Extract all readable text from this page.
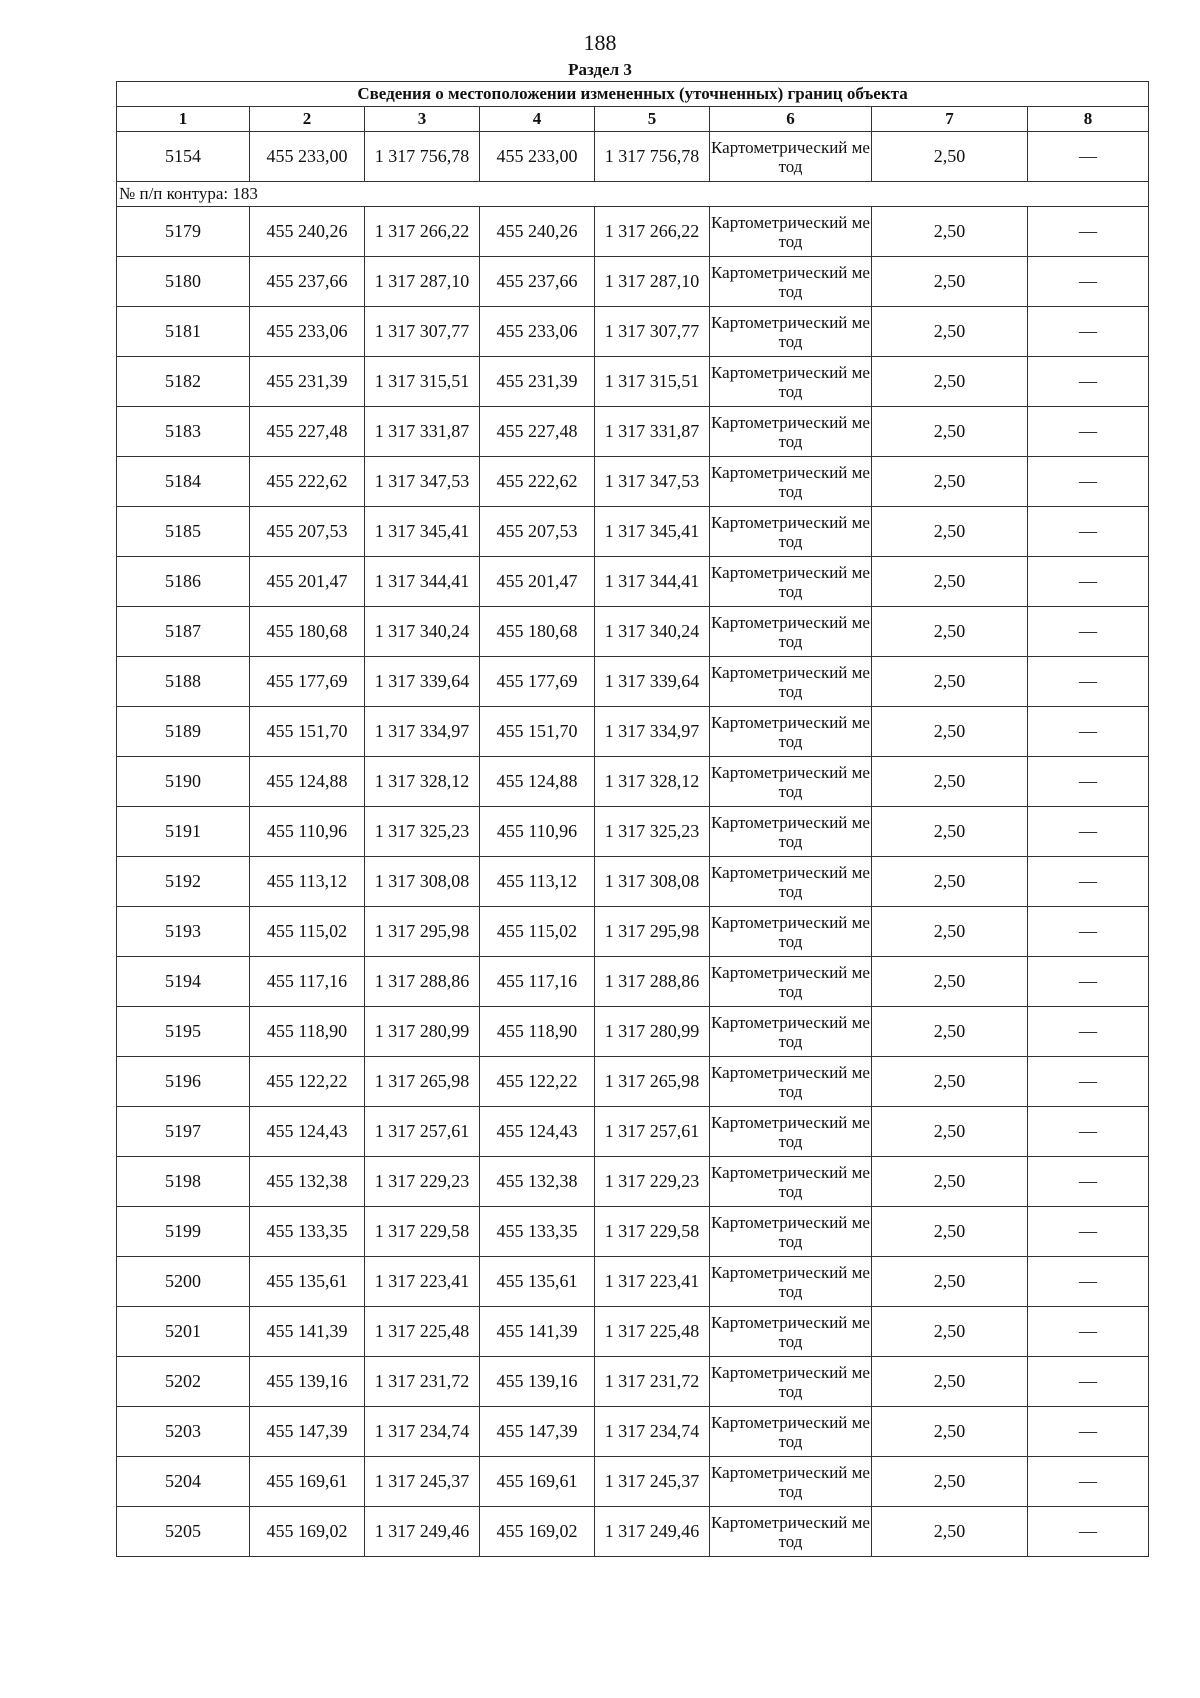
188
Раздел 3
Сведения о местоположении измененных (уточненных) границ объекта							
1	2	3	4	5	6	7	8
5154	455 233,00	1 317 756,78	455 233,00	1 317 756,78	Картометрический метод	2,50	—
№ п/п контура: 183							
5179	455 240,26	1 317 266,22	455 240,26	1 317 266,22	Картометрический метод	2,50	—
5180	455 237,66	1 317 287,10	455 237,66	1 317 287,10	Картометрический метод	2,50	—
5181	455 233,06	1 317 307,77	455 233,06	1 317 307,77	Картометрический метод	2,50	—
5182	455 231,39	1 317 315,51	455 231,39	1 317 315,51	Картометрический метод	2,50	—
5183	455 227,48	1 317 331,87	455 227,48	1 317 331,87	Картометрический метод	2,50	—
5184	455 222,62	1 317 347,53	455 222,62	1 317 347,53	Картометрический метод	2,50	—
5185	455 207,53	1 317 345,41	455 207,53	1 317 345,41	Картометрический метод	2,50	—
5186	455 201,47	1 317 344,41	455 201,47	1 317 344,41	Картометрический метод	2,50	—
5187	455 180,68	1 317 340,24	455 180,68	1 317 340,24	Картометрический метод	2,50	—
5188	455 177,69	1 317 339,64	455 177,69	1 317 339,64	Картометрический метод	2,50	—
5189	455 151,70	1 317 334,97	455 151,70	1 317 334,97	Картометрический метод	2,50	—
5190	455 124,88	1 317 328,12	455 124,88	1 317 328,12	Картометрический метод	2,50	—
5191	455 110,96	1 317 325,23	455 110,96	1 317 325,23	Картометрический метод	2,50	—
5192	455 113,12	1 317 308,08	455 113,12	1 317 308,08	Картометрический метод	2,50	—
5193	455 115,02	1 317 295,98	455 115,02	1 317 295,98	Картометрический метод	2,50	—
5194	455 117,16	1 317 288,86	455 117,16	1 317 288,86	Картометрический метод	2,50	—
5195	455 118,90	1 317 280,99	455 118,90	1 317 280,99	Картометрический метод	2,50	—
5196	455 122,22	1 317 265,98	455 122,22	1 317 265,98	Картометрический метод	2,50	—
5197	455 124,43	1 317 257,61	455 124,43	1 317 257,61	Картометрический метод	2,50	—
5198	455 132,38	1 317 229,23	455 132,38	1 317 229,23	Картометрический метод	2,50	—
5199	455 133,35	1 317 229,58	455 133,35	1 317 229,58	Картометрический метод	2,50	—
5200	455 135,61	1 317 223,41	455 135,61	1 317 223,41	Картометрический метод	2,50	—
5201	455 141,39	1 317 225,48	455 141,39	1 317 225,48	Картометрический метод	2,50	—
5202	455 139,16	1 317 231,72	455 139,16	1 317 231,72	Картометрический метод	2,50	—
5203	455 147,39	1 317 234,74	455 147,39	1 317 234,74	Картометрический метод	2,50	—
5204	455 169,61	1 317 245,37	455 169,61	1 317 245,37	Картометрический метод	2,50	—
5205	455 169,02	1 317 249,46	455 169,02	1 317 249,46	Картометрический метод	2,50	—
